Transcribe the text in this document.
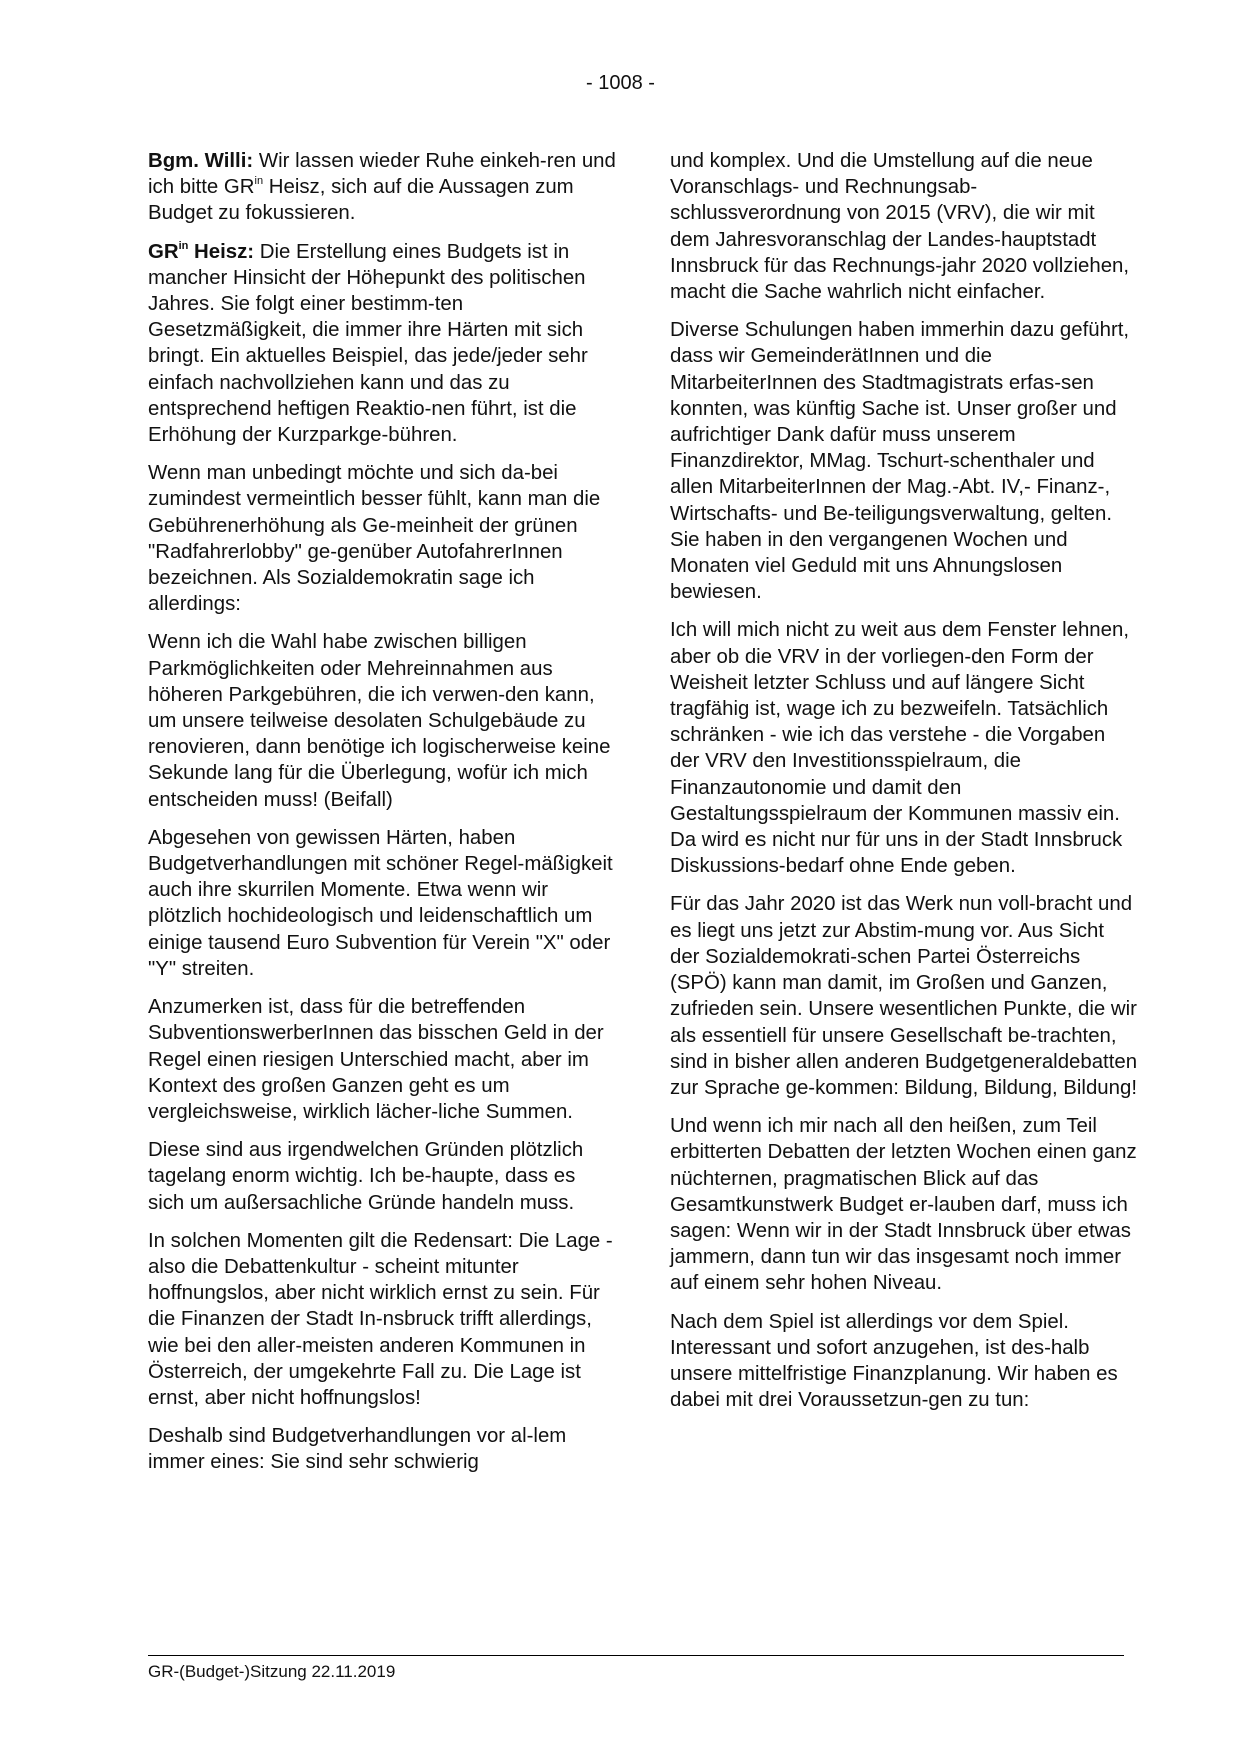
- 1008 -

Bgm. Willi: Wir lassen wieder Ruhe einkeh-ren und ich bitte $GR^{in}$ Heisz, sich auf die Aussagen zum Budget zu fokussieren.

$GR^{in}$ Heisz: Die Erstellung eines Budgets ist in mancher Hinsicht der Höhepunkt des politischen Jahres. Sie folgt einer bestimm-ten Gesetzmäßigkeit, die immer ihre Härten mit sich bringt. Ein aktuelles Beispiel, das jede/jeder sehr einfach nachvollziehen kann und das zu entsprechend heftigen Reaktio-nen führt, ist die Erhöhung der Kurzparkge-bühren.

Wenn man unbedingt möchte und sich da-bei zumindest vermeintlich besser fühlt, kann man die Gebührenerhöhung als Ge-meinheit der grünen "Radfahrerlobby" ge-genüber AutofahrerInnen bezeichnen. Als Sozialdemokratin sage ich allerdings:

Wenn ich die Wahl habe zwischen billigen Parkmöglichkeiten oder Mehreinnahmen aus höheren Parkgebühren, die ich verwen-den kann, um unsere teilweise desolaten Schulgebäude zu renovieren, dann benötige ich logischerweise keine Sekunde lang für die Überlegung, wofür ich mich entscheiden muss! (Beifall)

Abgesehen von gewissen Härten, haben Budgetverhandlungen mit schöner Regel-mäßigkeit auch ihre skurrilen Momente. Etwa wenn wir plötzlich hochideologisch und leidenschaftlich um einige tausend Euro Subvention für Verein "X" oder "Y" streiten.

Anzumerken ist, dass für die betreffenden SubventionswerberInnen das bisschen Geld in der Regel einen riesigen Unterschied macht, aber im Kontext des großen Ganzen geht es um vergleichsweise, wirklich lächer-liche Summen.

Diese sind aus irgendwelchen Gründen plötzlich tagelang enorm wichtig. Ich be-haupte, dass es sich um außersachliche Gründe handeln muss.

In solchen Momenten gilt die Redensart: Die Lage - also die Debattenkultur - scheint mitunter hoffnungslos, aber nicht wirklich ernst zu sein. Für die Finanzen der Stadt In-nsbruck trifft allerdings, wie bei den aller-meisten anderen Kommunen in Österreich, der umgekehrte Fall zu. Die Lage ist ernst, aber nicht hoffnungslos!

Deshalb sind Budgetverhandlungen vor al-lem immer eines: Sie sind sehr schwierig

und komplex. Und die Umstellung auf die neue Voranschlags- und Rechnungsab-schlussverordnung von 2015 (VRV), die wir mit dem Jahresvoranschlag der Landes-hauptstadt Innsbruck für das Rechnungs-jahr 2020 vollziehen, macht die Sache wahrlich nicht einfacher.

Diverse Schulungen haben immerhin dazu geführt, dass wir GemeinderätInnen und die MitarbeiterInnen des Stadtmagistrats erfas-sen konnten, was künftig Sache ist. Unser großer und aufrichtiger Dank dafür muss unserem Finanzdirektor, MMag. Tschurt-schenthaler und allen MitarbeiterInnen der Mag.-Abt. IV,- Finanz-, Wirtschafts- und Be-teiligungsverwaltung, gelten. Sie haben in den vergangenen Wochen und Monaten viel Geduld mit uns Ahnungslosen bewiesen.

Ich will mich nicht zu weit aus dem Fenster lehnen, aber ob die VRV in der vorliegen-den Form der Weisheit letzter Schluss und auf längere Sicht tragfähig ist, wage ich zu bezweifeln. Tatsächlich schränken - wie ich das verstehe - die Vorgaben der VRV den Investitionsspielraum, die Finanzautonomie und damit den Gestaltungsspielraum der Kommunen massiv ein. Da wird es nicht nur für uns in der Stadt Innsbruck Diskussions-bedarf ohne Ende geben.

Für das Jahr 2020 ist das Werk nun voll-bracht und es liegt uns jetzt zur Abstim-mung vor. Aus Sicht der Sozialdemokrati-schen Partei Österreichs (SPÖ) kann man damit, im Großen und Ganzen, zufrieden sein. Unsere wesentlichen Punkte, die wir als essentiell für unsere Gesellschaft be-trachten, sind in bisher allen anderen Budgetgeneraldebatten zur Sprache ge-kommen: Bildung, Bildung, Bildung!

Und wenn ich mir nach all den heißen, zum Teil erbitterten Debatten der letzten Wochen einen ganz nüchternen, pragmatischen Blick auf das Gesamtkunstwerk Budget er-lauben darf, muss ich sagen: Wenn wir in der Stadt Innsbruck über etwas jammern, dann tun wir das insgesamt noch immer auf einem sehr hohen Niveau.

Nach dem Spiel ist allerdings vor dem Spiel. Interessant und sofort anzugehen, ist des-halb unsere mittelfristige Finanzplanung. Wir haben es dabei mit drei Voraussetzun-gen zu tun:

GR-(Budget-)Sitzung 22.11.2019
